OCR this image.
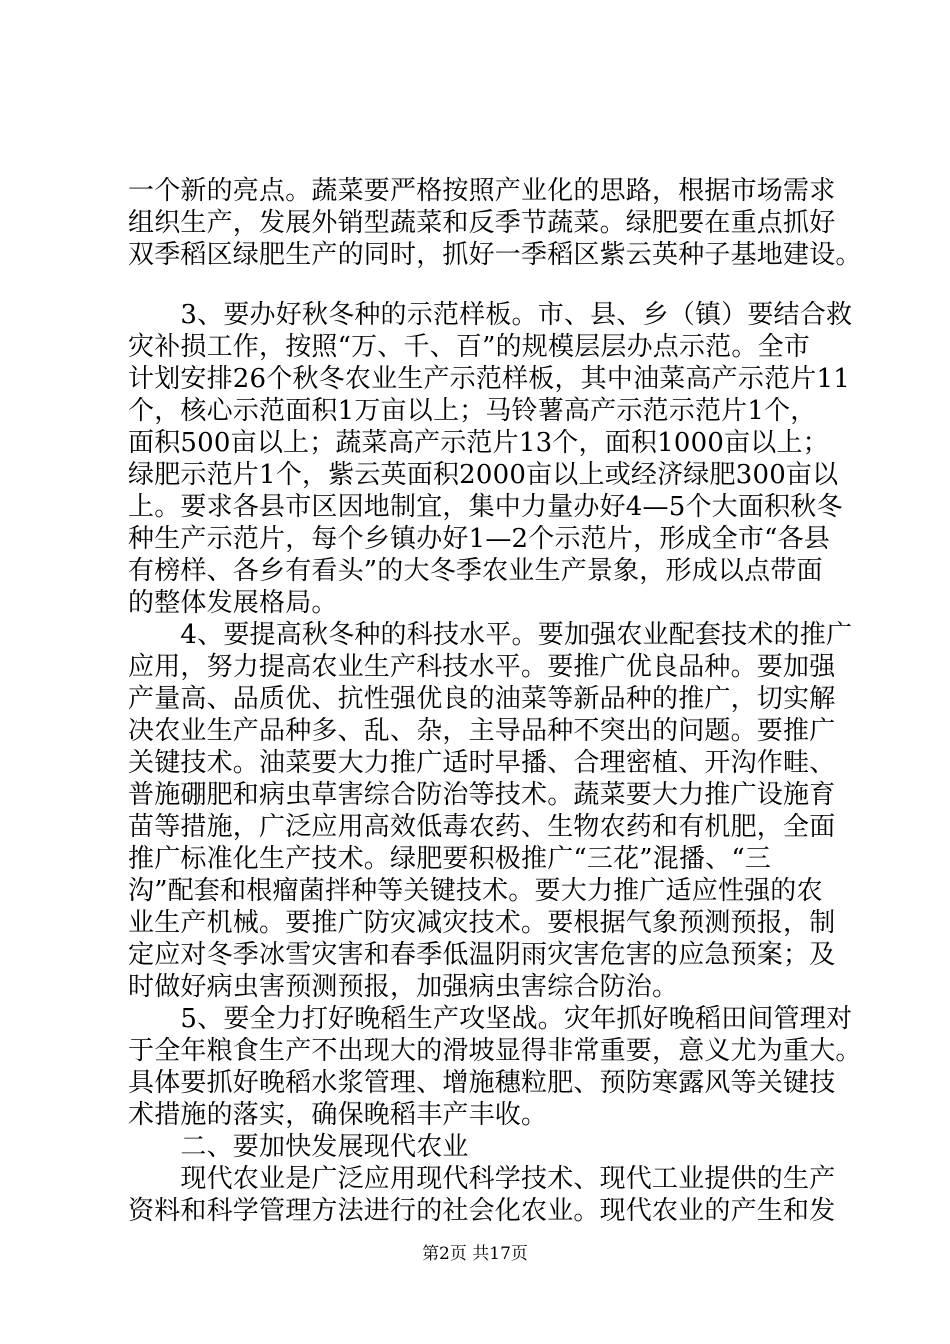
一个新的亮点。蔬菜要严格按照产业化的思路，根据市场需求
组织生产，发展外销型蔬菜和反季节蔬菜。绿肥要在重点抓好
双季稻区绿肥生产的同时，抓好一季稻区紫云英种子基地建设。
　　3、要办好秋冬种的示范样板。市、县、乡（镇）要结合救
灾补损工作，按照“万、千、百”的规模层层办点示范。全市
计划安排26个秋冬农业生产示范样板，其中油菜高产示范片11
个，核心示范面积1万亩以上；马铃薯高产示范示范片1个，
面积500亩以上；蔬菜高产示范片13个，面积1000亩以上；
绿肥示范片1个，紫云英面积2000亩以上或经济绿肥300亩以
上。要求各县市区因地制宜，集中力量办好4—5个大面积秋冬
种生产示范片，每个乡镇办好1—2个示范片，形成全市“各县
有榜样、各乡有看头”的大冬季农业生产景象，形成以点带面
的整体发展格局。
　　4、要提高秋冬种的科技水平。要加强农业配套技术的推广
应用，努力提高农业生产科技水平。要推广优良品种。要加强
产量高、品质优、抗性强优良的油菜等新品种的推广，切实解
决农业生产品种多、乱、杂，主导品种不突出的问题。要推广
关键技术。油菜要大力推广适时早播、合理密植、开沟作畦、
普施硼肥和病虫草害综合防治等技术。蔬菜要大力推广设施育
苗等措施，广泛应用高效低毒农药、生物农药和有机肥，全面
推广标准化生产技术。绿肥要积极推广“三花”混播、“三
沟”配套和根瘤菌拌种等关键技术。要大力推广适应性强的农
业生产机械。要推广防灾减灾技术。要根据气象预测预报，制
定应对冬季冰雪灾害和春季低温阴雨灾害危害的应急预案；及
时做好病虫害预测预报，加强病虫害综合防治。
　　5、要全力打好晚稻生产攻坚战。灾年抓好晚稻田间管理对
于全年粮食生产不出现大的滑坡显得非常重要，意义尤为重大。
具体要抓好晚稻水浆管理、增施穗粒肥、预防寒露风等关键技
术措施的落实，确保晚稻丰产丰收。
　　二、要加快发展现代农业
　　现代农业是广泛应用现代科学技术、现代工业提供的生产
资料和科学管理方法进行的社会化农业。现代农业的产生和发
第2页 共17页
